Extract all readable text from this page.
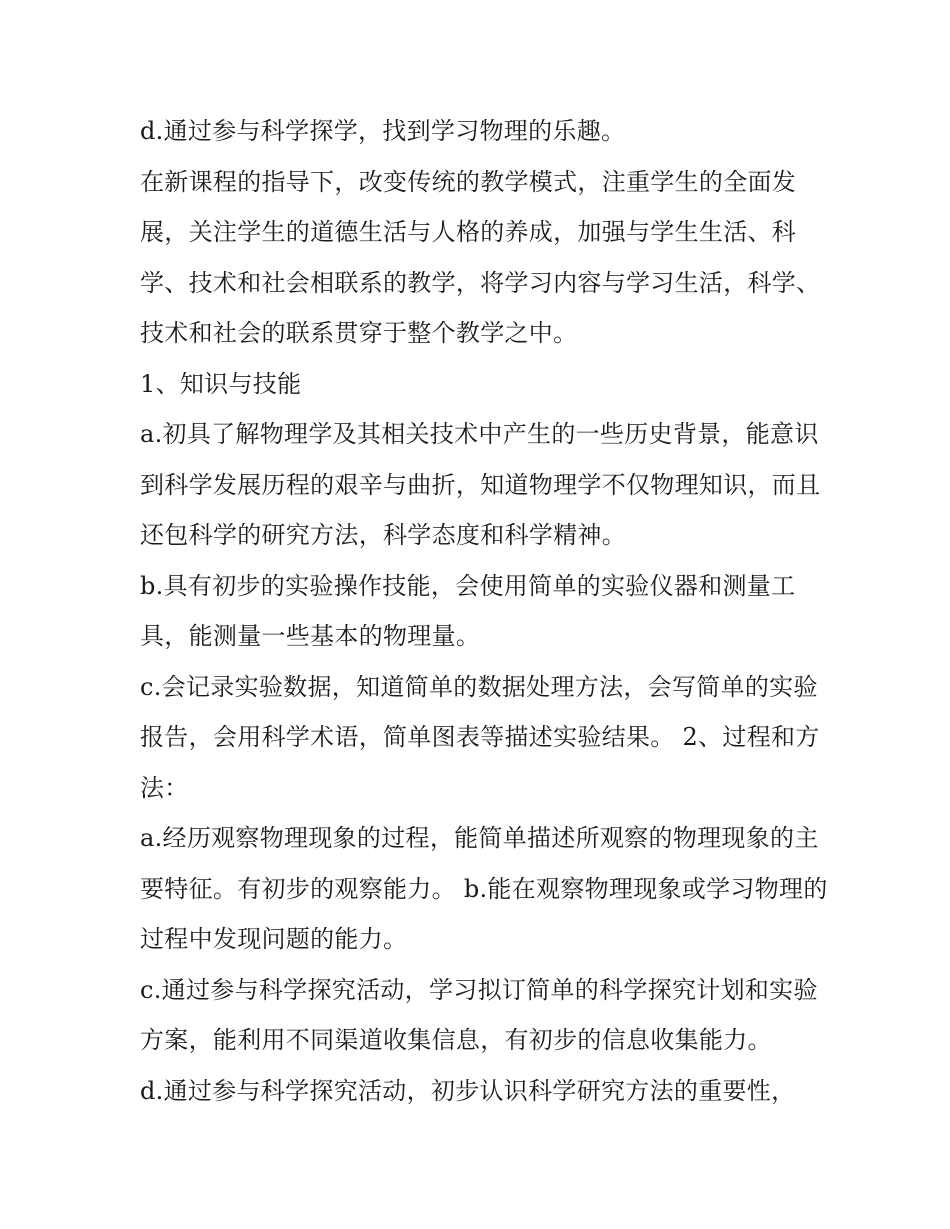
d.通过参与科学探学，找到学习物理的乐趣。

在新课程的指导下，改变传统的教学模式，注重学生的全面发展，关注学生的道德生活与人格的养成，加强与学生生活、科学、技术和社会相联系的教学，将学习内容与学习生活，科学、技术和社会的联系贯穿于整个教学之中。

1、知识与技能

a.初具了解物理学及其相关技术中产生的一些历史背景，能意识到科学发展历程的艰辛与曲折，知道物理学不仅物理知识，而且还包科学的研究方法，科学态度和科学精神。

b.具有初步的实验操作技能，会使用简单的实验仪器和测量工具，能测量一些基本的物理量。

c.会记录实验数据，知道简单的数据处理方法，会写简单的实验报告，会用科学术语，简单图表等描述实验结果。 2、过程和方法：

a.经历观察物理现象的过程，能简单描述所观察的物理现象的主要特征。有初步的观察能力。 b.能在观察物理现象或学习物理的过程中发现问题的能力。

c.通过参与科学探究活动，学习拟订简单的科学探究计划和实验方案，能利用不同渠道收集信息，有初步的信息收集能力。

d.通过参与科学探究活动，初步认识科学研究方法的重要性，
